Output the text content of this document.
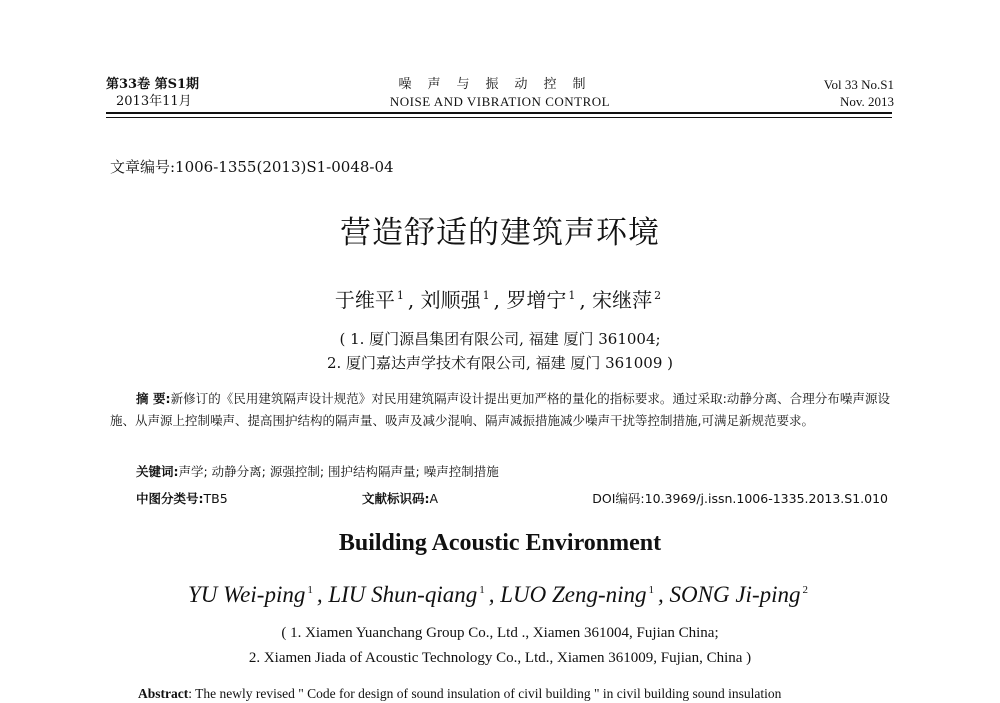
第33卷 第S1期
2013年11月
噪声与振动控制
NOISE AND VIBRATION CONTROL
Vol 33 No.S1
Nov. 2013
文章编号:1006-1355(2013)S1-0048-04
营造舒适的建筑声环境
于维平 $^1$ , 刘顺强 $^1$ , 罗增宁 $^1$ , 宋继萍 $^2$
( 1. 厦门源昌集团有限公司, 福建 厦门 361004;
2. 厦门嘉达声学技术有限公司, 福建 厦门 361009 )
摘 要:新修订的《民用建筑隔声设计规范》对民用建筑隔声设计提出更加严格的量化的指标要求。通过采取:动静分离、合理分布噪声源设施、从声源上控制噪声、提高围护结构的隔声量、吸声及减少混响、隔声减振措施减少噪声干扰等控制措施,可满足新规范要求。
关键词:声学; 动静分离; 源强控制; 围护结构隔声量; 噪声控制措施
中图分类号:TB5	文献标识码:A	DOI编码:10.3969/j.issn.1006-1335.2013.S1.010
Building Acoustic Environment
YU Wei-ping $^1$ , LIU Shun-qiang $^1$ , LUO Zeng-ning $^1$ , SONG Ji-ping $^2$
( 1. Xiamen Yuanchang Group Co., Ltd ., Xiamen 361004, Fujian China;
2. Xiamen Jiada of Acoustic Technology Co., Ltd., Xiamen 361009, Fujian, China )
Abstract: The newly revised " Code for design of sound insulation of civil building " in civil building sound insulation
